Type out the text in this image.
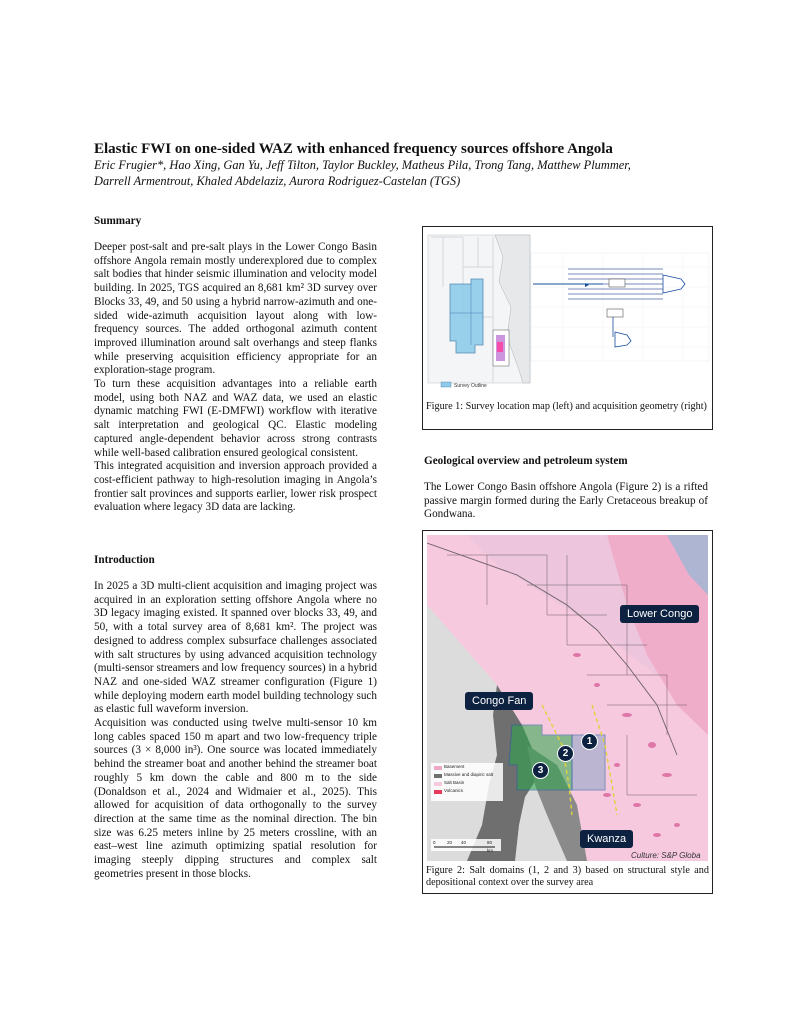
Elastic FWI on one-sided WAZ with enhanced frequency sources offshore Angola
Eric Frugier*, Hao Xing, Gan Yu, Jeff Tilton, Taylor Buckley, Matheus Pila, Trong Tang, Matthew Plummer,
Darrell Armentrout, Khaled Abdelaziz, Aurora Rodriguez-Castelan (TGS)
Summary

Deeper post-salt and pre-salt plays in the Lower Congo Basin offshore Angola remain mostly underexplored due to complex salt bodies that hinder seismic illumination and velocity model building. In 2025, TGS acquired an 8,681 km² 3D survey over Blocks 33, 49, and 50 using a hybrid narrow-azimuth and one-sided wide-azimuth acquisition layout along with low-frequency sources. The added orthogonal azimuth content improved illumination around salt overhangs and steep flanks while preserving acquisition efficiency appropriate for an exploration-stage program.

To turn these acquisition advantages into a reliable earth model, using both NAZ and WAZ data, we used an elastic dynamic matching FWI (E-DMFWI) workflow with iterative salt interpretation and geological QC. Elastic modeling captured angle-dependent behavior across strong contrasts while well-based calibration ensured geological consistent.

This integrated acquisition and inversion approach provided a cost-efficient pathway to high-resolution imaging in Angola’s frontier salt provinces and supports earlier, lower risk prospect evaluation where legacy 3D data are lacking.

Introduction

In 2025 a 3D multi-client acquisition and imaging project was acquired in an exploration setting offshore Angola where no 3D legacy imaging existed. It spanned over blocks 33, 49, and 50, with a total survey area of 8,681 km². The project was designed to address complex subsurface challenges associated with salt structures by using advanced acquisition technology (multi-sensor streamers and low frequency sources) in a hybrid NAZ and one-sided WAZ streamer configuration (Figure 1) while deploying modern earth model building technology such as elastic full waveform inversion.

Acquisition was conducted using twelve multi-sensor 10 km long cables spaced 150 m apart and two low-frequency triple sources (3 × 8,000 in³). One source was located immediately behind the streamer boat and another behind the streamer boat roughly 5 km down the cable and 800 m to the side (Donaldson et al., 2024 and Widmaier et al., 2025). This allowed for acquisition of data orthogonally to the survey direction at the same time as the nominal direction. The bin size was 6.25 meters inline by 25 meters crossline, with an east–west line azimuth optimizing spatial resolution for imaging steeply dipping structures and complex salt geometries present in those blocks.

Survey Outline
Figure 1: Survey location map (left) and acquisition geometry (right)
Geological overview and petroleum system

The Lower Congo Basin offshore Angola (Figure 2) is a rifted passive margin formed during the Early Cretaceous breakup of Gondwana.

Basement
Massive and diapiric salt
Salt Basin
Volcanics
0	20 40	80
km
Lower Congo
Congo Fan
Kwanza
1
2
3
Culture: S&P Globa
Figure 2: Salt domains (1, 2 and 3) based on structural style and depositional context over the survey area
